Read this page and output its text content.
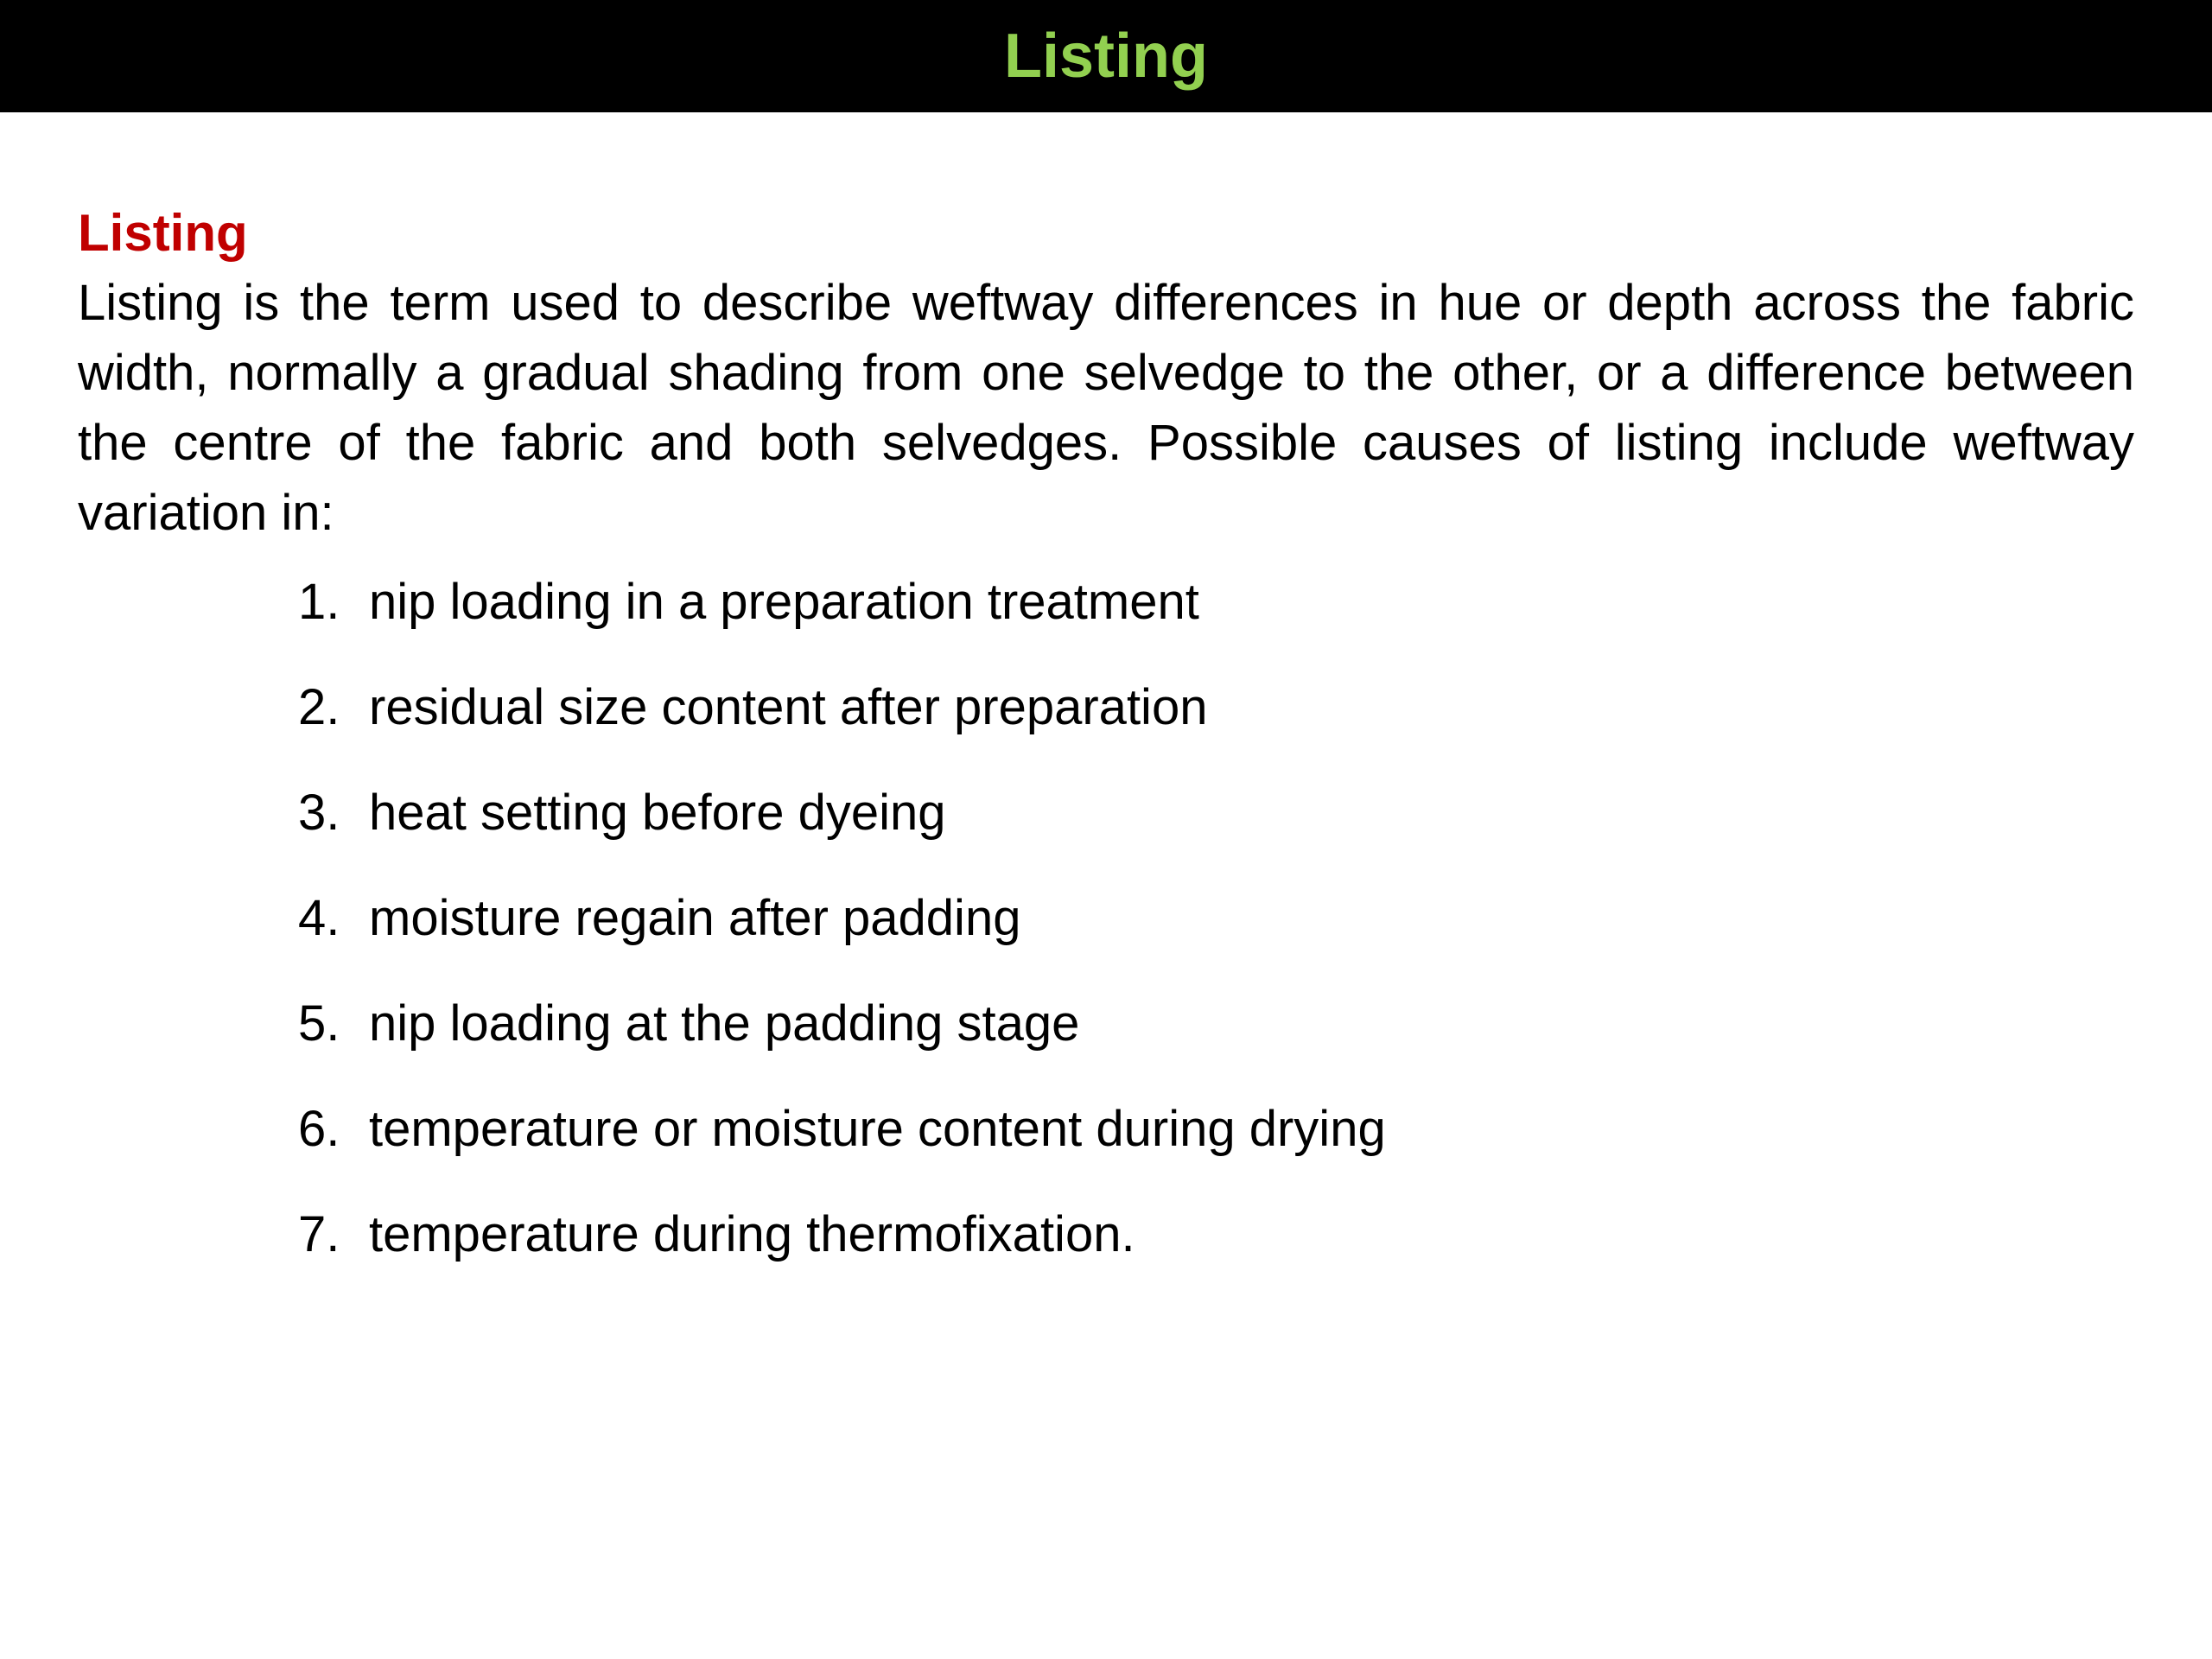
Listing

Listing

Listing is the term used to describe weftway differences in hue or depth across the fabric width, normally a gradual shading from one selvedge to the other, or a difference between the centre of the fabric and both selvedges. Possible causes of listing include weftway variation in:

1. nip loading in a preparation treatment
2. residual size content after preparation
3. heat setting before dyeing
4. moisture regain after padding
5. nip loading at the padding stage
6. temperature or moisture content during drying
7. temperature during thermofixation.
